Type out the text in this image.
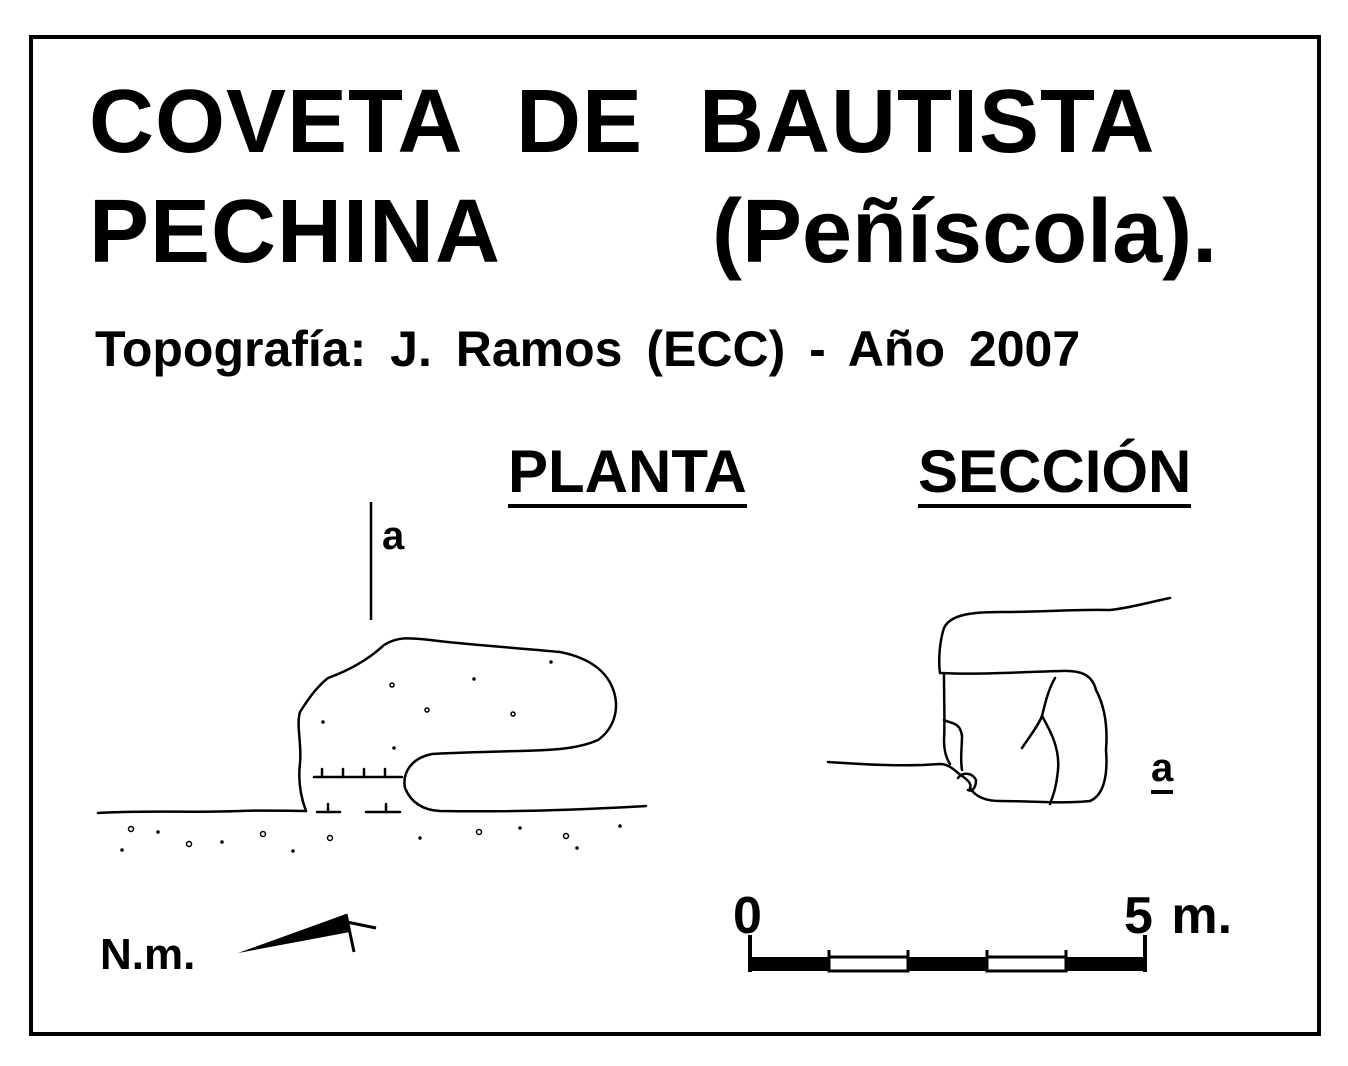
COVETA DE BAUTISTA
PECHINA (Peñíscola).
Topografía: J. Ramos (ECC) - Año 2007
PLANTA	SECCIÓN
a
a
0	5 m.
N.m.
